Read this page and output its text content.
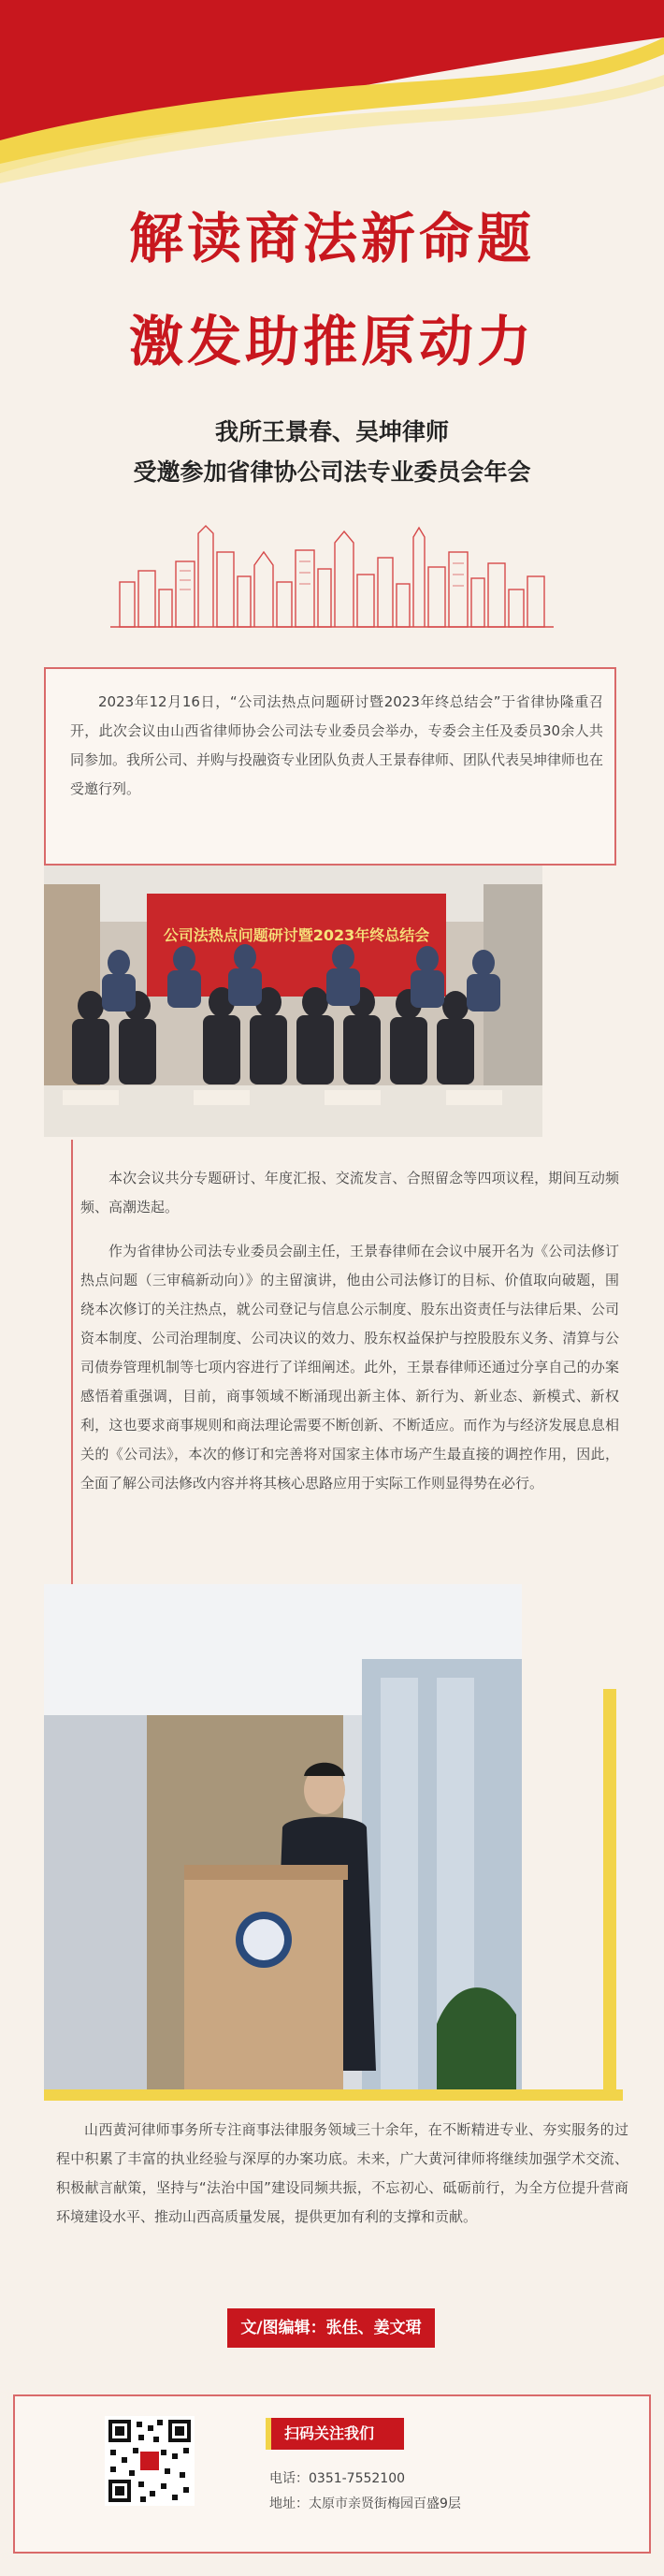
解读商法新命题
激发助推原动力
我所王景春、吴坤律师
受邀参加省律协公司法专业委员会年会
2023年12月16日，“公司法热点问题研讨暨2023年终总结会”于省律协隆重召开，此次会议由山西省律师协会公司法专业委员会举办，专委会主任及委员30余人共同参加。我所公司、并购与投融资专业团队负责人王景春律师、团队代表吴坤律师也在受邀行列。
公司法热点问题研讨暨2023年终总结会
本次会议共分专题研讨、年度汇报、交流发言、合照留念等四项议程，期间互动频频、高潮迭起。
作为省律协公司法专业委员会副主任，王景春律师在会议中展开名为《公司法修订热点问题（三审稿新动向）》的主留演讲，他由公司法修订的目标、价值取向破题，围绕本次修订的关注热点，就公司登记与信息公示制度、股东出资责任与法律后果、公司资本制度、公司治理制度、公司决议的效力、股东权益保护与控股股东义务、清算与公司债券管理机制等七项内容进行了详细阐述。此外，王景春律师还通过分享自己的办案感悟着重强调，目前，商事领域不断涌现出新主体、新行为、新业态、新模式、新权利，这也要求商事规则和商法理论需要不断创新、不断适应。而作为与经济发展息息相关的《公司法》，本次的修订和完善将对国家主体市场产生最直接的调控作用，因此，全面了解公司法修改内容并将其核心思路应用于实际工作则显得势在必行。
山西黄河律师事务所专注商事法律服务领域三十余年，在不断精进专业、夯实服务的过程中积累了丰富的执业经验与深厚的办案功底。未来，广大黄河律师将继续加强学术交流、积极献言献策，坚持与“法治中国”建设同频共振，不忘初心、砥砺前行，为全方位提升营商环境建设水平、推动山西高质量发展，提供更加有利的支撑和贡献。
文/图编辑：张佳、姜文珺
扫码关注我们
电话：0351-7552100
地址：太原市亲贤街梅园百盛9层
